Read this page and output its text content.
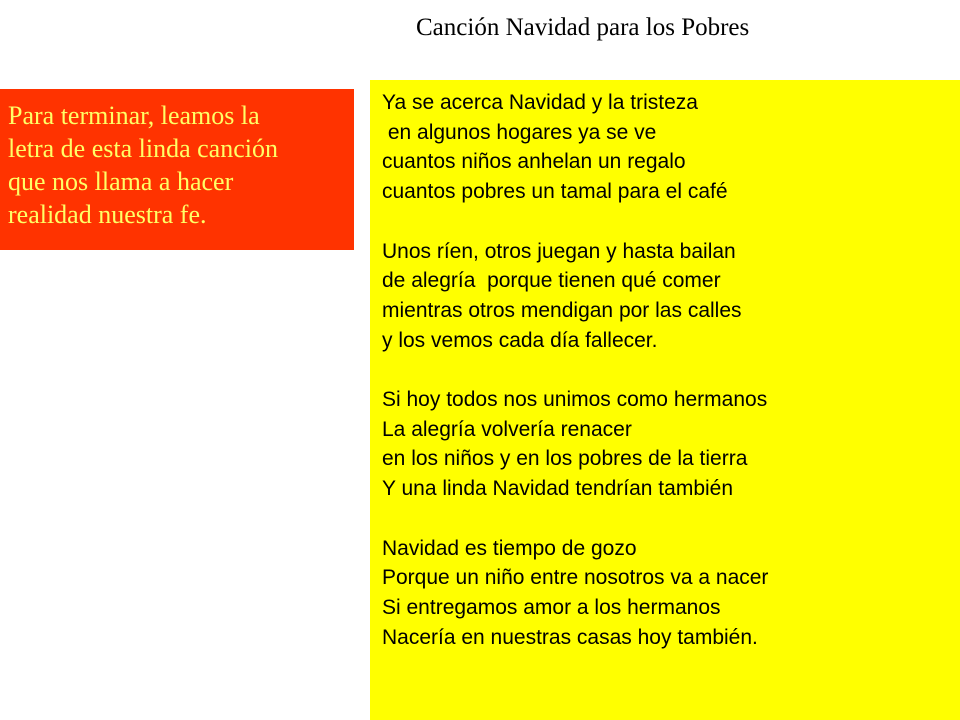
Canción Navidad para los Pobres
Para terminar, leamos la
letra de esta linda canción
que nos llama a hacer
realidad nuestra fe.
Ya se acerca Navidad y la tristeza
en algunos hogares ya se ve
cuantos niños anhelan un regalo
cuantos pobres un tamal para el café
Unos ríen, otros juegan y hasta bailan
de alegría  porque tienen qué comer
mientras otros mendigan por las calles
y los vemos cada día fallecer.
Si hoy todos nos unimos como hermanos
La alegría volvería renacer
en los niños y en los pobres de la tierra
Y una linda Navidad tendrían también
Navidad es tiempo de gozo
Porque un niño entre nosotros va a nacer
Si entregamos amor a los hermanos
Nacería en nuestras casas hoy también.
